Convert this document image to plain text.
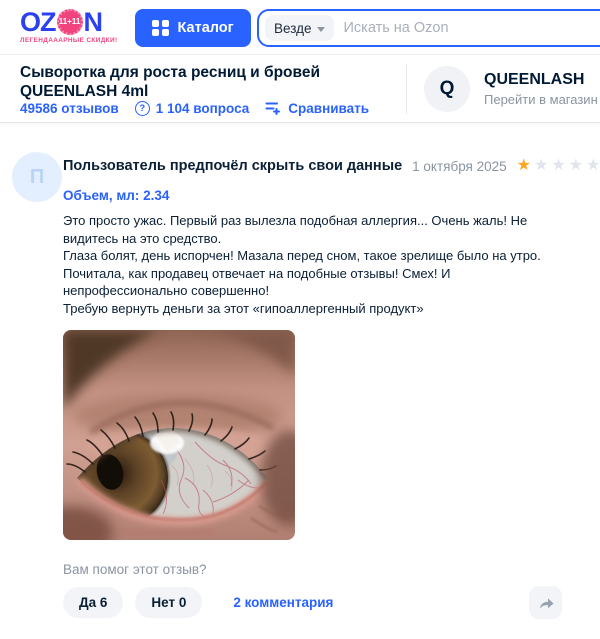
OZ 11+11 N
ЛЕГЕНДАААРНЫЕ СКИДКИ!
Каталог	Везде
Искать на Ozon
Сыворотка для роста ресниц и бровей
QUEENLASH 4ml
49586 отзывов	? 1 104 вопроса	Сравнивать
Q	QUEENLASH
Перейти в магазин
П	Пользователь предпочёл скрыть свои данные 1 октября 2025 ★ ★ ★ ★ ★
Объем, мл: 2.34
Это просто ужас. Первый раз вылезла подобная аллергия... Очень жаль! Не видитесь на это средство.
Глаза болят, день испорчен! Мазала перед сном, такое зрелище было на утро.
Почитала, как продавец отвечает на подобные отзывы! Смех! И непрофессионально совершенно!
Требую вернуть деньги за этот «гипоаллергенный продукт»
Вам помог этот отзыв?
Да 6	Нет 0	2 комментария
